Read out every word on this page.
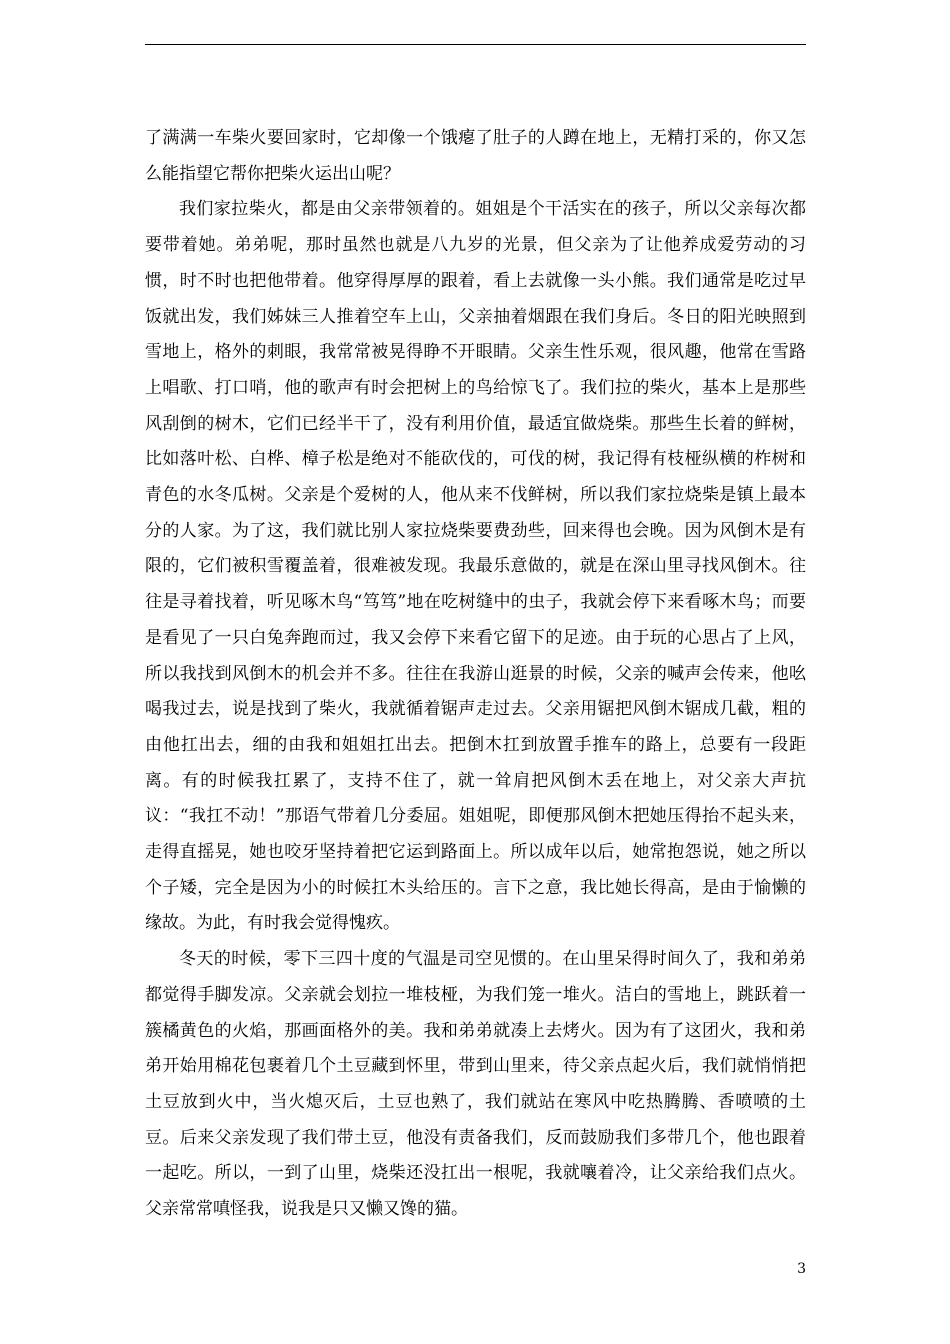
了满满一车柴火要回家时，它却像一个饿瘪了肚子的人蹲在地上，无精打采的，你又怎么能指望它帮你把柴火运出山呢？

我们家拉柴火，都是由父亲带领着的。姐姐是个干活实在的孩子，所以父亲每次都要带着她。弟弟呢，那时虽然也就是八九岁的光景，但父亲为了让他养成爱劳动的习惯，时不时也把他带着。他穿得厚厚的跟着，看上去就像一头小熊。我们通常是吃过早饭就出发，我们姊妹三人推着空车上山，父亲抽着烟跟在我们身后。冬日的阳光映照到雪地上，格外的刺眼，我常常被晃得睁不开眼睛。父亲生性乐观，很风趣，他常在雪路上唱歌、打口哨，他的歌声有时会把树上的鸟给惊飞了。我们拉的柴火，基本上是那些风刮倒的树木，它们已经半干了，没有利用价值，最适宜做烧柴。那些生长着的鲜树，比如落叶松、白桦、樟子松是绝对不能砍伐的，可伐的树，我记得有枝桠纵横的柞树和青色的水冬瓜树。父亲是个爱树的人，他从来不伐鲜树，所以我们家拉烧柴是镇上最本分的人家。为了这，我们就比别人家拉烧柴要费劲些，回来得也会晚。因为风倒木是有限的，它们被积雪覆盖着，很难被发现。我最乐意做的，就是在深山里寻找风倒木。往往是寻着找着，听见啄木鸟“笃笃”地在吃树缝中的虫子，我就会停下来看啄木鸟；而要是看见了一只白兔奔跑而过，我又会停下来看它留下的足迹。由于玩的心思占了上风，所以我找到风倒木的机会并不多。往往在我游山逛景的时候，父亲的喊声会传来，他吆喝我过去，说是找到了柴火，我就循着锯声走过去。父亲用锯把风倒木锯成几截，粗的由他扛出去，细的由我和姐姐扛出去。把倒木扛到放置手推车的路上，总要有一段距离。有的时候我扛累了，支持不住了，就一耸肩把风倒木丢在地上，对父亲大声抗议：“我扛不动！”那语气带着几分委屈。姐姐呢，即便那风倒木把她压得抬不起头来，走得直摇晃，她也咬牙坚持着把它运到路面上。所以成年以后，她常抱怨说，她之所以个子矮，完全是因为小的时候扛木头给压的。言下之意，我比她长得高，是由于愉懒的缘故。为此，有时我会觉得愧疚。

冬天的时候，零下三四十度的气温是司空见惯的。在山里呆得时间久了，我和弟弟都觉得手脚发凉。父亲就会划拉一堆枝桠，为我们笼一堆火。洁白的雪地上，跳跃着一簇橘黄色的火焰，那画面格外的美。我和弟弟就凑上去烤火。因为有了这团火，我和弟弟开始用棉花包裹着几个土豆藏到怀里，带到山里来，待父亲点起火后，我们就悄悄把土豆放到火中，当火熄灭后，土豆也熟了，我们就站在寒风中吃热腾腾、香喷喷的土豆。后来父亲发现了我们带土豆，他没有责备我们，反而鼓励我们多带几个，他也跟着一起吃。所以，一到了山里，烧柴还没扛出一根呢，我就嚷着冷，让父亲给我们点火。父亲常常嗔怪我，说我是只又懒又馋的猫。

3
